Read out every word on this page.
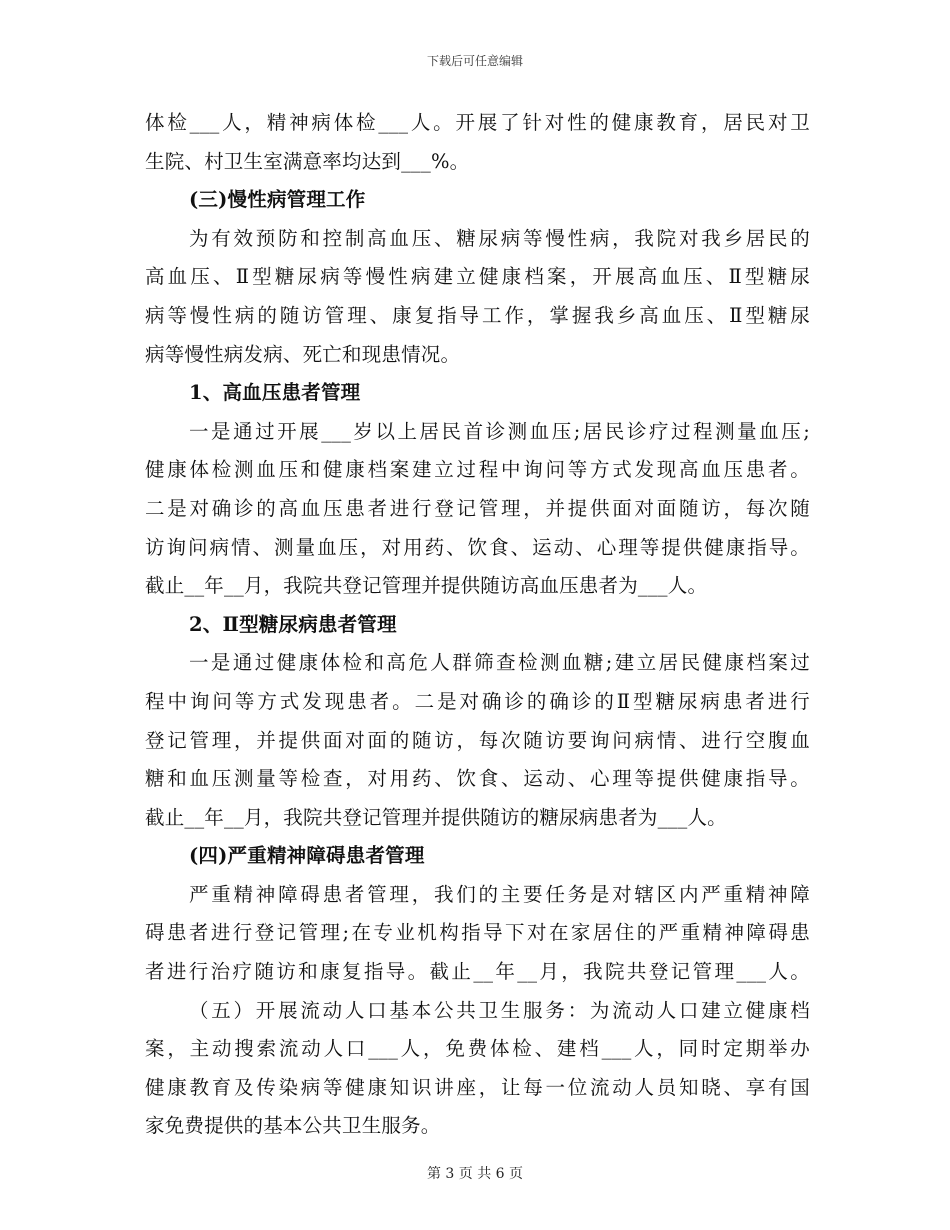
下载后可任意编辑
体检___人，精神病体检___人。开展了针对性的健康教育，居民对卫
生院、村卫生室满意率均达到___%。
(三)慢性病管理工作
为有效预防和控制高血压、糖尿病等慢性病，我院对我乡居民的
高血压、Ⅱ型糖尿病等慢性病建立健康档案，开展高血压、Ⅱ型糖尿
病等慢性病的随访管理、康复指导工作，掌握我乡高血压、Ⅱ型糖尿
病等慢性病发病、死亡和现患情况。
1、高血压患者管理
一是通过开展___岁以上居民首诊测血压;居民诊疗过程测量血压;
健康体检测血压和健康档案建立过程中询问等方式发现高血压患者。
二是对确诊的高血压患者进行登记管理，并提供面对面随访，每次随
访询问病情、测量血压，对用药、饮食、运动、心理等提供健康指导。
截止__年__月，我院共登记管理并提供随访高血压患者为___人。
2、Ⅱ型糖尿病患者管理
一是通过健康体检和高危人群筛查检测血糖;建立居民健康档案过
程中询问等方式发现患者。二是对确诊的确诊的Ⅱ型糖尿病患者进行
登记管理，并提供面对面的随访，每次随访要询问病情、进行空腹血
糖和血压测量等检查，对用药、饮食、运动、心理等提供健康指导。
截止__年__月，我院共登记管理并提供随访的糖尿病患者为___人。
(四)严重精神障碍患者管理
严重精神障碍患者管理，我们的主要任务是对辖区内严重精神障
碍患者进行登记管理;在专业机构指导下对在家居住的严重精神障碍患
者进行治疗随访和康复指导。截止__年__月，我院共登记管理___人。
（五）开展流动人口基本公共卫生服务：为流动人口建立健康档
案，主动搜索流动人口___人，免费体检、建档___人，同时定期举办
健康教育及传染病等健康知识讲座，让每一位流动人员知晓、享有国
家免费提供的基本公共卫生服务。
第 3 页 共 6 页
